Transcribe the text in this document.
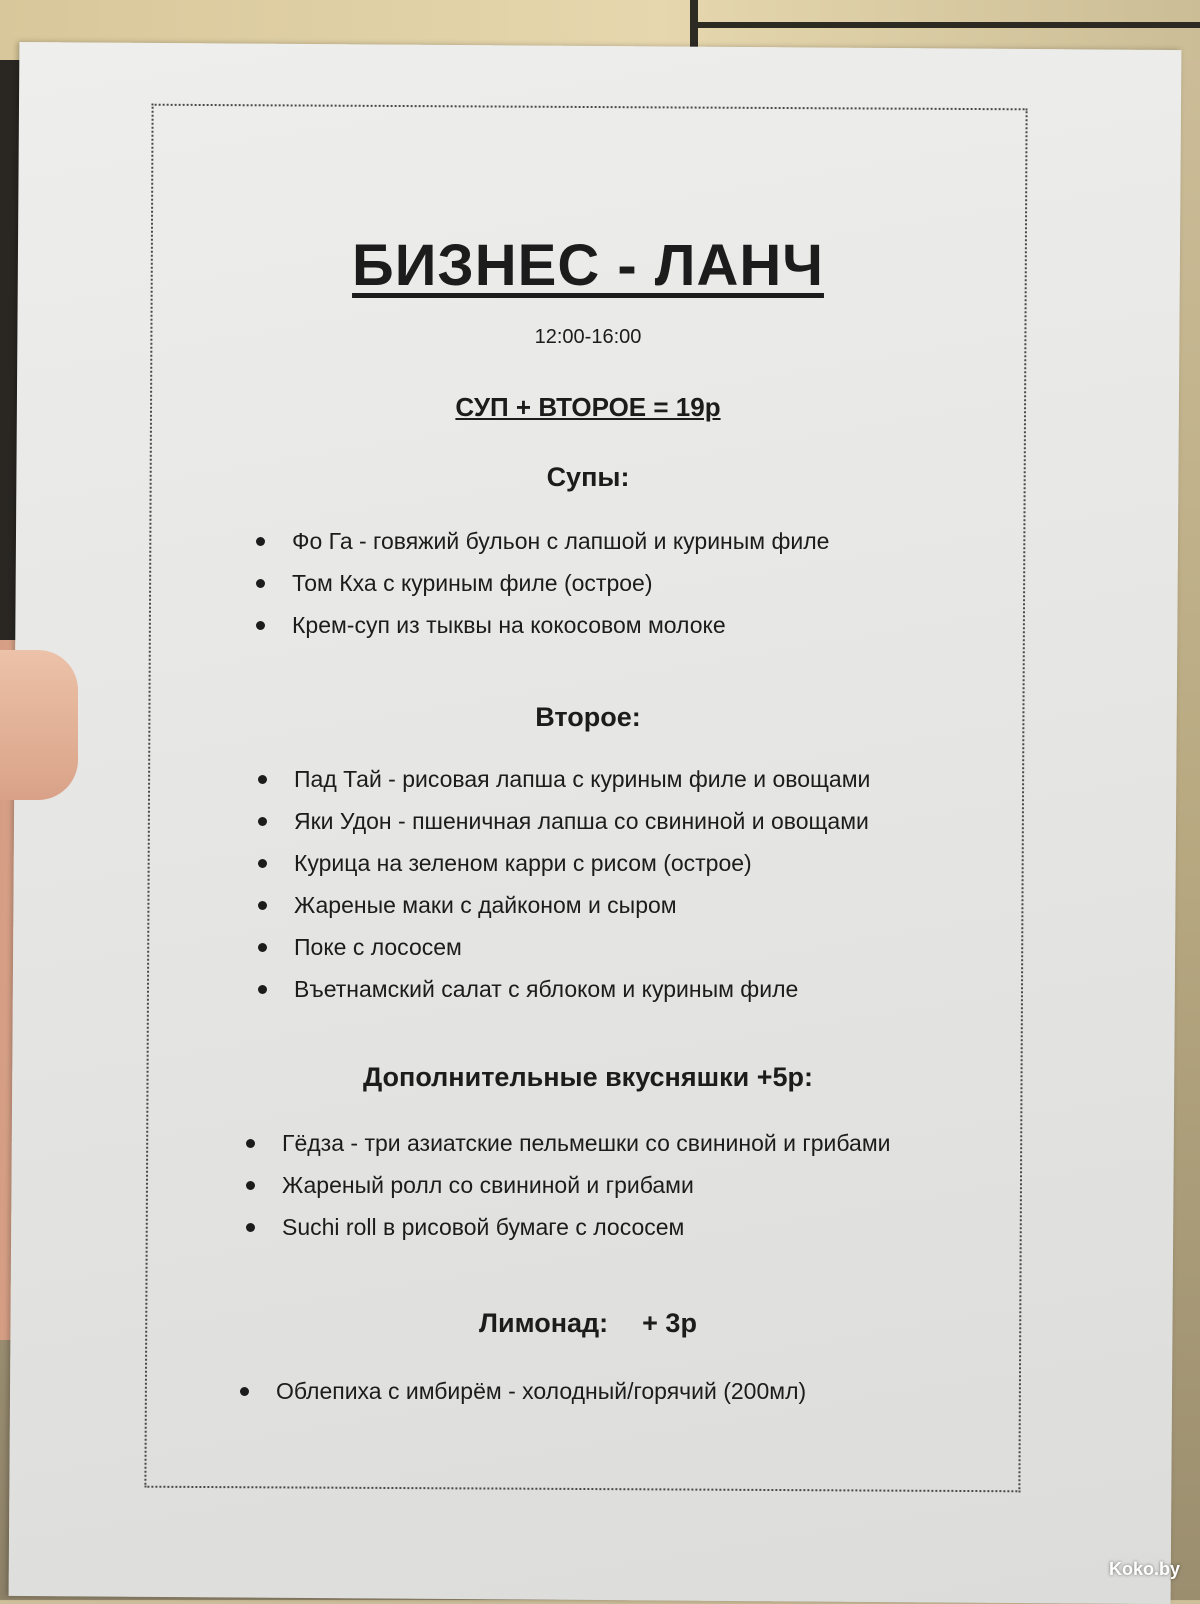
БИЗНЕС - ЛАНЧ
12:00-16:00
СУП + ВТОРОЕ = 19р
Супы:
Фо Га - говяжий бульон с лапшой и куриным филе
Том Кха с куриным филе (острое)
Крем-суп из тыквы на кокосовом молоке
Второе:
Пад Тай - рисовая лапша с куриным филе и овощами
Яки Удон - пшеничная лапша со свининой и овощами
Курица на зеленом карри с рисом (острое)
Жареные маки с дайконом и сыром
Поке с лососем
Въетнамский салат с яблоком и куриным филе
Дополнительные вкусняшки +5р:
Гёдза - три азиатские пельмешки со свининой и грибами
Жареный ролл со свининой и грибами
Suchi roll в рисовой бумаге с лососем
Лимонад: + 3р
Облепиха с имбирём - холодный/горячий (200мл)
Koko.by
